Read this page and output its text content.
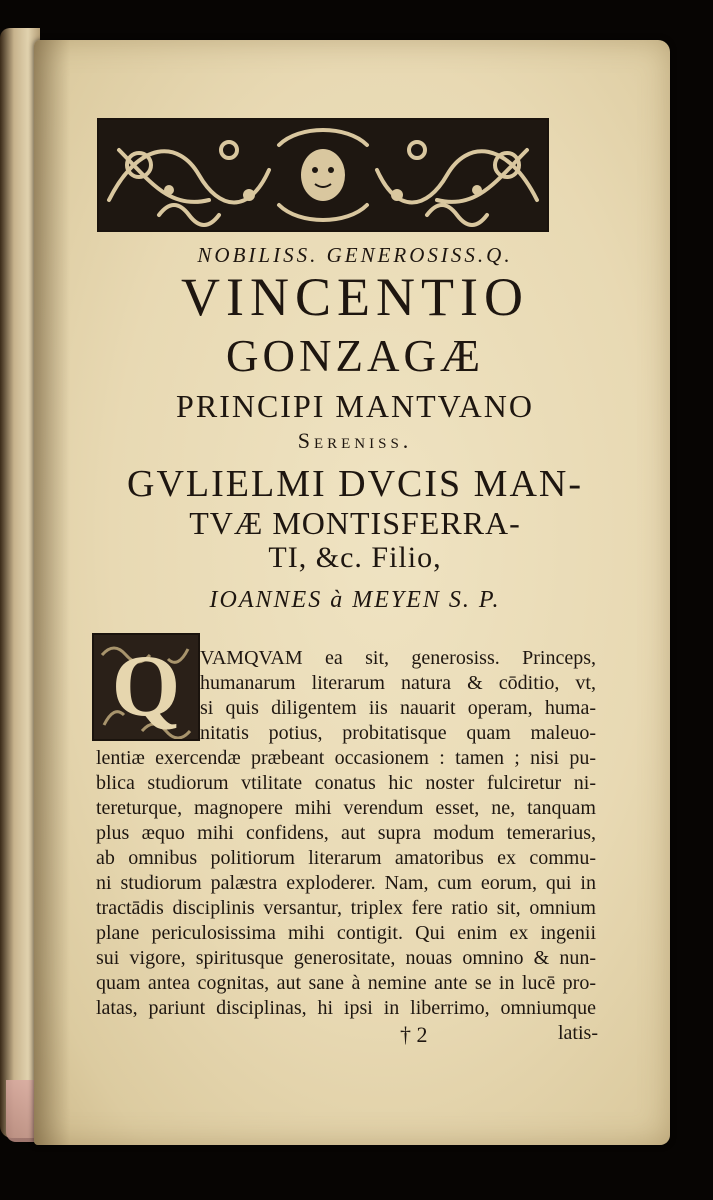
NOBILISS. GENEROSISS.Q.
VINCENTIO
GONZAGÆ
PRINCIPI MANTVANO
Sereniss.
GVLIELMI DVCIS MAN-
TVÆ MONTISFERRA-
TI, &c. Filio,
IOANNES à MEYEN S. P.
Q VAMQVAM ea sit, generosiss. Princeps,
humanarum literarum natura & cōditio, vt,
si quis diligentem iis nauarit operam, huma-
nitatis potius, probitatisque quam maleuo-
lentiæ exercendæ præbeant occasionem : tamen ; nisi pu-
blica studiorum vtilitate conatus hic noster fulciretur ni-
tereturque, magnopere mihi verendum esset, ne, tanquam
plus æquo mihi confidens, aut supra modum temerarius,
ab omnibus politiorum literarum amatoribus ex commu-
ni studiorum palæstra exploderer. Nam, cum eorum, qui in
tractādis disciplinis versantur, triplex fere ratio sit, omnium
plane periculosissima mihi contigit. Qui enim ex ingenii
sui vigore, spiritusque generositate, nouas omnino & nun-
quam antea cognitas, aut sane à nemine ante se in lucē pro-
latas, pariunt disciplinas, hi ipsi in liberrimo, omniumque
† 2	latis-
